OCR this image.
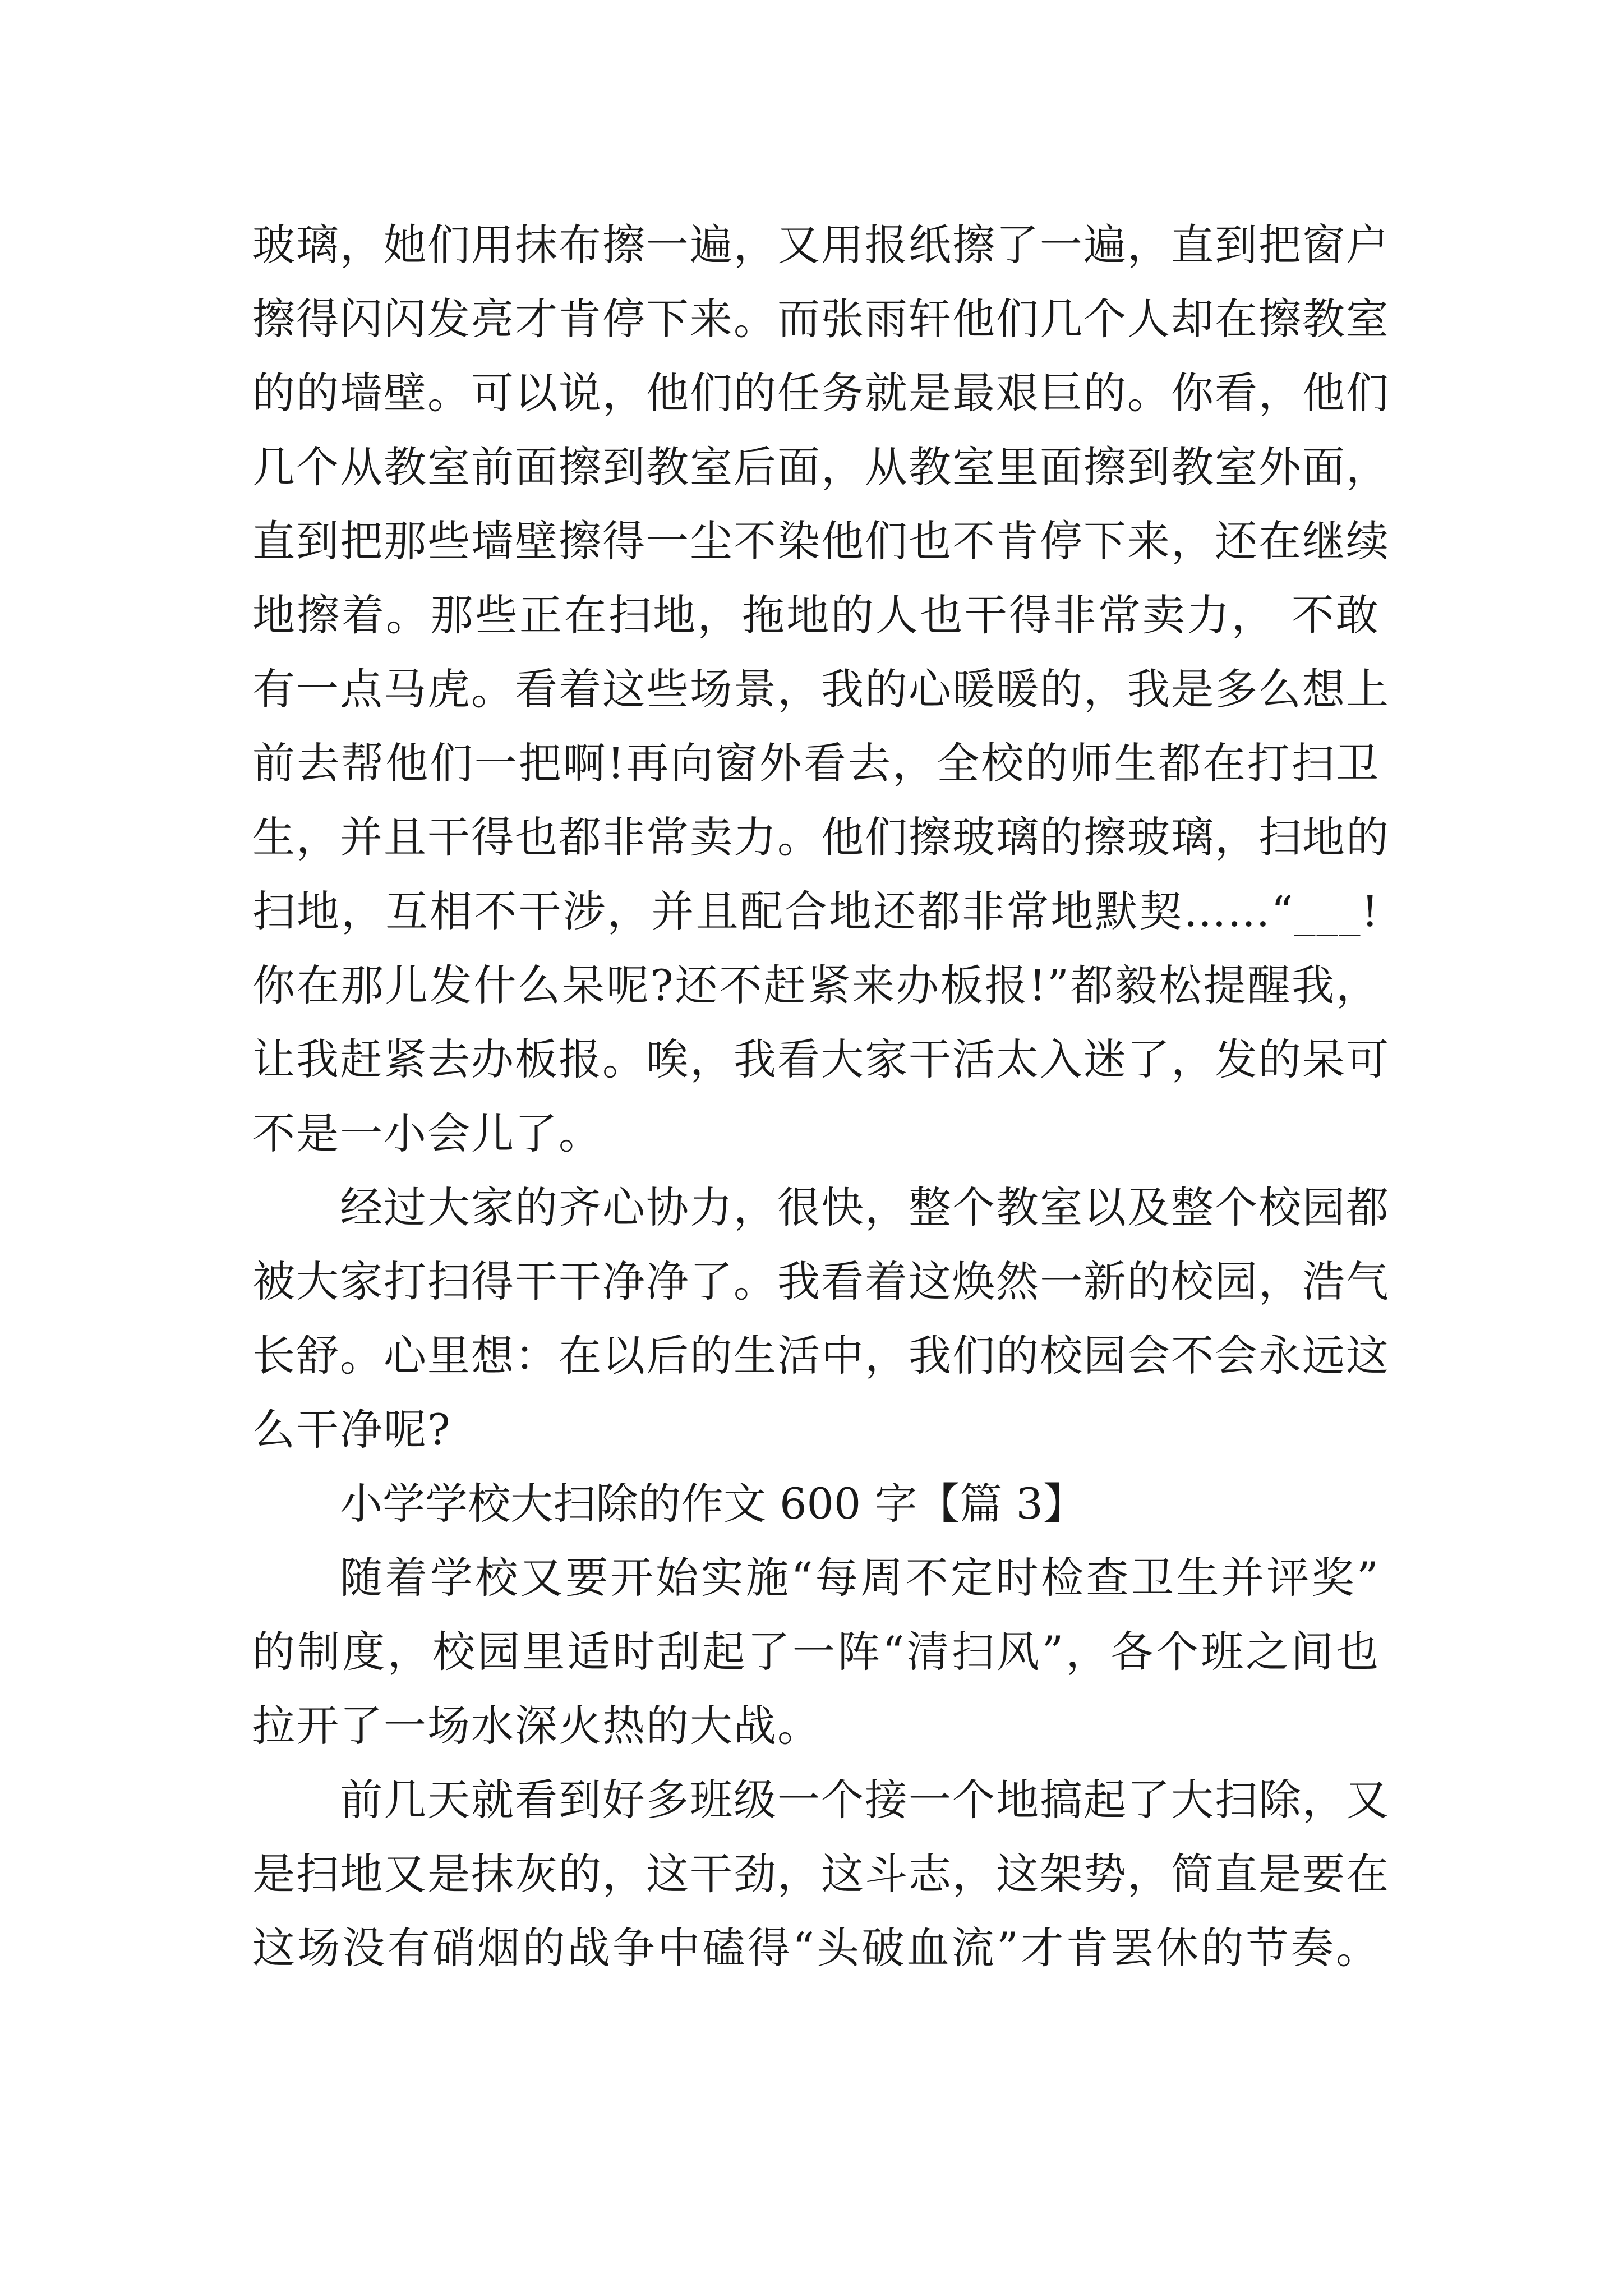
玻璃，她们用抹布擦一遍，又用报纸擦了一遍，直到把窗户
擦得闪闪发亮才肯停下来。而张雨轩他们几个人却在擦教室
的的墙壁。可以说，他们的任务就是最艰巨的。你看，他们
几个从教室前面擦到教室后面，从教室里面擦到教室外面，
直到把那些墙壁擦得一尘不染他们也不肯停下来，还在继续
地擦着。那些正在扫地，拖地的人也干得非常卖力， 不敢
有一点马虎。看着这些场景，我的心暖暖的，我是多么想上
前去帮他们一把啊!再向窗外看去，全校的师生都在打扫卫
生，并且干得也都非常卖力。他们擦玻璃的擦玻璃，扫地的
扫地，互相不干涉，并且配合地还都非常地默契……“___!
你在那儿发什么呆呢?还不赶紧来办板报!”都毅松提醒我，
让我赶紧去办板报。唉，我看大家干活太入迷了，发的呆可
不是一小会儿了。
经过大家的齐心协力，很快，整个教室以及整个校园都
被大家打扫得干干净净了。我看着这焕然一新的校园，浩气
长舒。心里想：在以后的生活中，我们的校园会不会永远这
么干净呢?
小学学校大扫除的作文 600 字【篇 3】
随着学校又要开始实施“每周不定时检查卫生并评奖”
的制度，校园里适时刮起了一阵“清扫风”，各个班之间也
拉开了一场水深火热的大战。
前几天就看到好多班级一个接一个地搞起了大扫除，又
是扫地又是抹灰的，这干劲，这斗志，这架势，简直是要在
这场没有硝烟的战争中磕得“头破血流”才肯罢休的节奏。
